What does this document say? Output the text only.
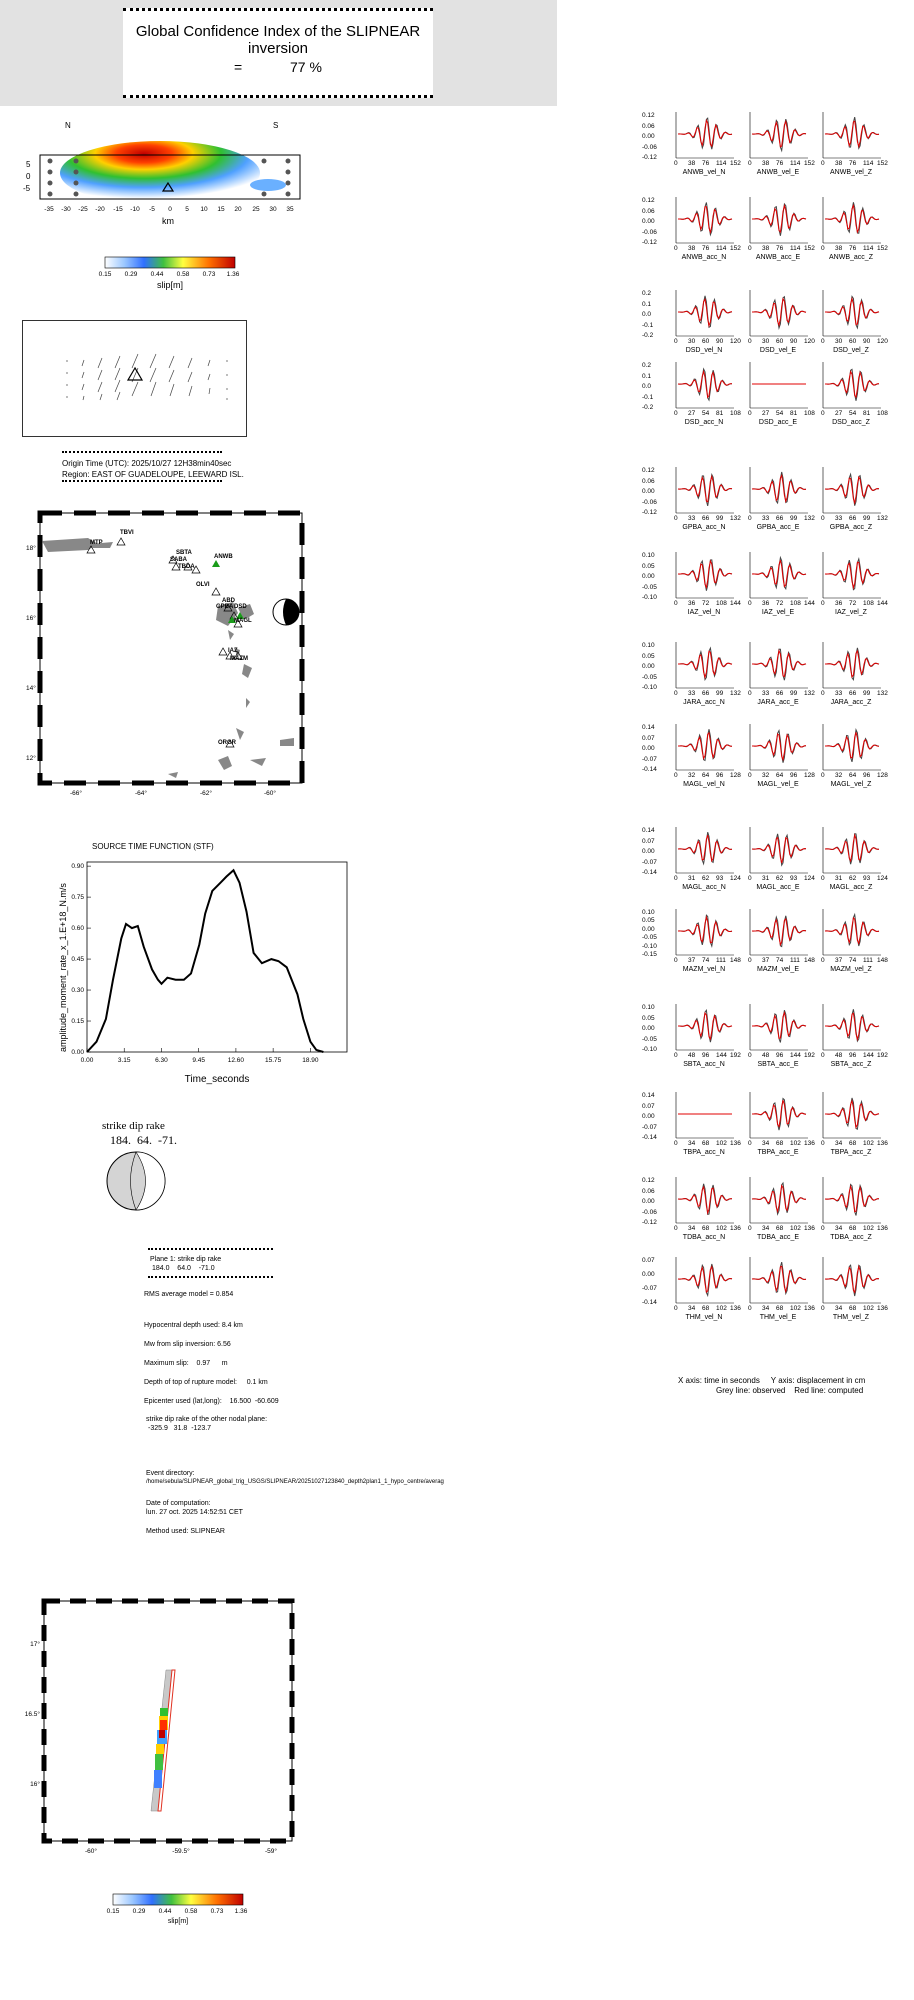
Global Confidence Index of the SLIPNEAR inversion
=	77 %
N	S
5
0
-5
-35 -30 -25 -20 -15 -10 -5 0 5 10 15 20 25 30 35
km
0.15 0.29 0.44 0.58 0.73 1.36
slip[m]
Origin Time (UTC): 2025/10/27 12H38min40sec
Region: EAST OF GUADELOUPE, LEEWARD ISL.
TBVI
MTP
SBTA
SABA
TBDA
ANWB
OLVI
ABD
GPBA DSD
MAGL
MAZM
IAZ
ORGR
18°
16°
14°
12°
-66°	-64°	-62°	-60°
SOURCE TIME FUNCTION (STF)
0.00
0.15
0.30
0.45
0.60
0.75
0.90
0.00	3.15	6.30	9.45	12.60	15.75	18.90
Time_seconds
amplitude_moment_rate_x_1.E+18_N.m/s
strike dip rake
184.  64.  -71.
Plane 1: strike dip rake
184.0    64.0    -71.0
RMS average model = 0.854
Hypocentral depth used: 8.4 km
Mw from slip inversion: 6.56
Maximum slip:    0.97      m
Depth of top of rupture model:     0.1 km
Epicenter used (lat,long):    16.500  -60.609
strike dip rake of the other nodal plane:
-325.9   31.8  -123.7
Event directory:
/home/sebula/SLIPNEAR_global_trig_USGS/SLIPNEAR/20251027123840_depth2plan1_1_hypo_centre/averag
Date of computation:
lun. 27 oct. 2025 14:52:51 CET
Method used: SLIPNEAR
17°
16.5°
16°
-60°	-59.5°	-59°
0.15 0.29 0.44 0.58 0.73 1.36
slip[m]
0.12
0.06
0.00
-0.06
-0.12
0 38 76 114 152
ANWB_vel_N
0 38 76 114 152
ANWB_vel_E
0 38 76 114 152
ANWB_vel_Z
0.12
0.06
0.00
-0.06
-0.12
0 38 76 114 152
ANWB_acc_N
0 38 76 114 152
ANWB_acc_E
0 38 76 114 152
ANWB_acc_Z
0.2
0.1
0.0
-0.1
-0.2
0 30 60 90 120
DSD_vel_N
0 30 60 90 120
DSD_vel_E
0 30 60 90 120
DSD_vel_Z
0.2
0.1
0.0
-0.1
-0.2
0 27 54 81 108
DSD_acc_N
0 27 54 81 108
DSD_acc_E
0 27 54 81 108
DSD_acc_Z
0.12
0.06
0.00
-0.06
-0.12
0 33 66 99 132
GPBA_acc_N
0 33 66 99 132
GPBA_acc_E
0 33 66 99 132
GPBA_acc_Z
0.10
0.05
0.00
-0.05
-0.10
0 36 72 108 144
IAZ_vel_N
0 36 72 108 144
IAZ_vel_E
0 36 72 108 144
IAZ_vel_Z
0.10
0.05
0.00
-0.05
-0.10
0 33 66 99 132
JARA_acc_N
0 33 66 99 132
JARA_acc_E
0 33 66 99 132
JARA_acc_Z
0.14
0.07
0.00
-0.07
-0.14
0 32 64 96 128
MAGL_vel_N
0 32 64 96 128
MAGL_vel_E
0 32 64 96 128
MAGL_vel_Z
0.14
0.07
0.00
-0.07
-0.14
0 31 62 93 124
MAGL_acc_N
0 31 62 93 124
MAGL_acc_E
0 31 62 93 124
MAGL_acc_Z
0.10
0.05
0.00
-0.05
-0.10
-0.15
0 37 74 111 148
MAZM_vel_N
0 37 74 111 148
MAZM_vel_E
0 37 74 111 148
MAZM_vel_Z
0.10
0.05
0.00
-0.05
-0.10
0 48 96 144 192
SBTA_acc_N
0 48 96 144 192
SBTA_acc_E
0 48 96 144 192
SBTA_acc_Z
0.14
0.07
0.00
-0.07
-0.14
0 34 68 102 136
TBPA_acc_N
0 34 68 102 136
TBPA_acc_E
0 34 68 102 136
TBPA_acc_Z
0.12
0.06
0.00
-0.06
-0.12
0 34 68 102 136
TDBA_acc_N
0 34 68 102 136
TDBA_acc_E
0 34 68 102 136
TDBA_acc_Z
0.07
0.00
-0.07
-0.14
0 34 68 102 136
THM_vel_N
0 34 68 102 136
THM_vel_E
0 34 68 102 136
THM_vel_Z
X axis: time in seconds     Y axis: displacement in cm
Grey line: observed    Red line: computed
